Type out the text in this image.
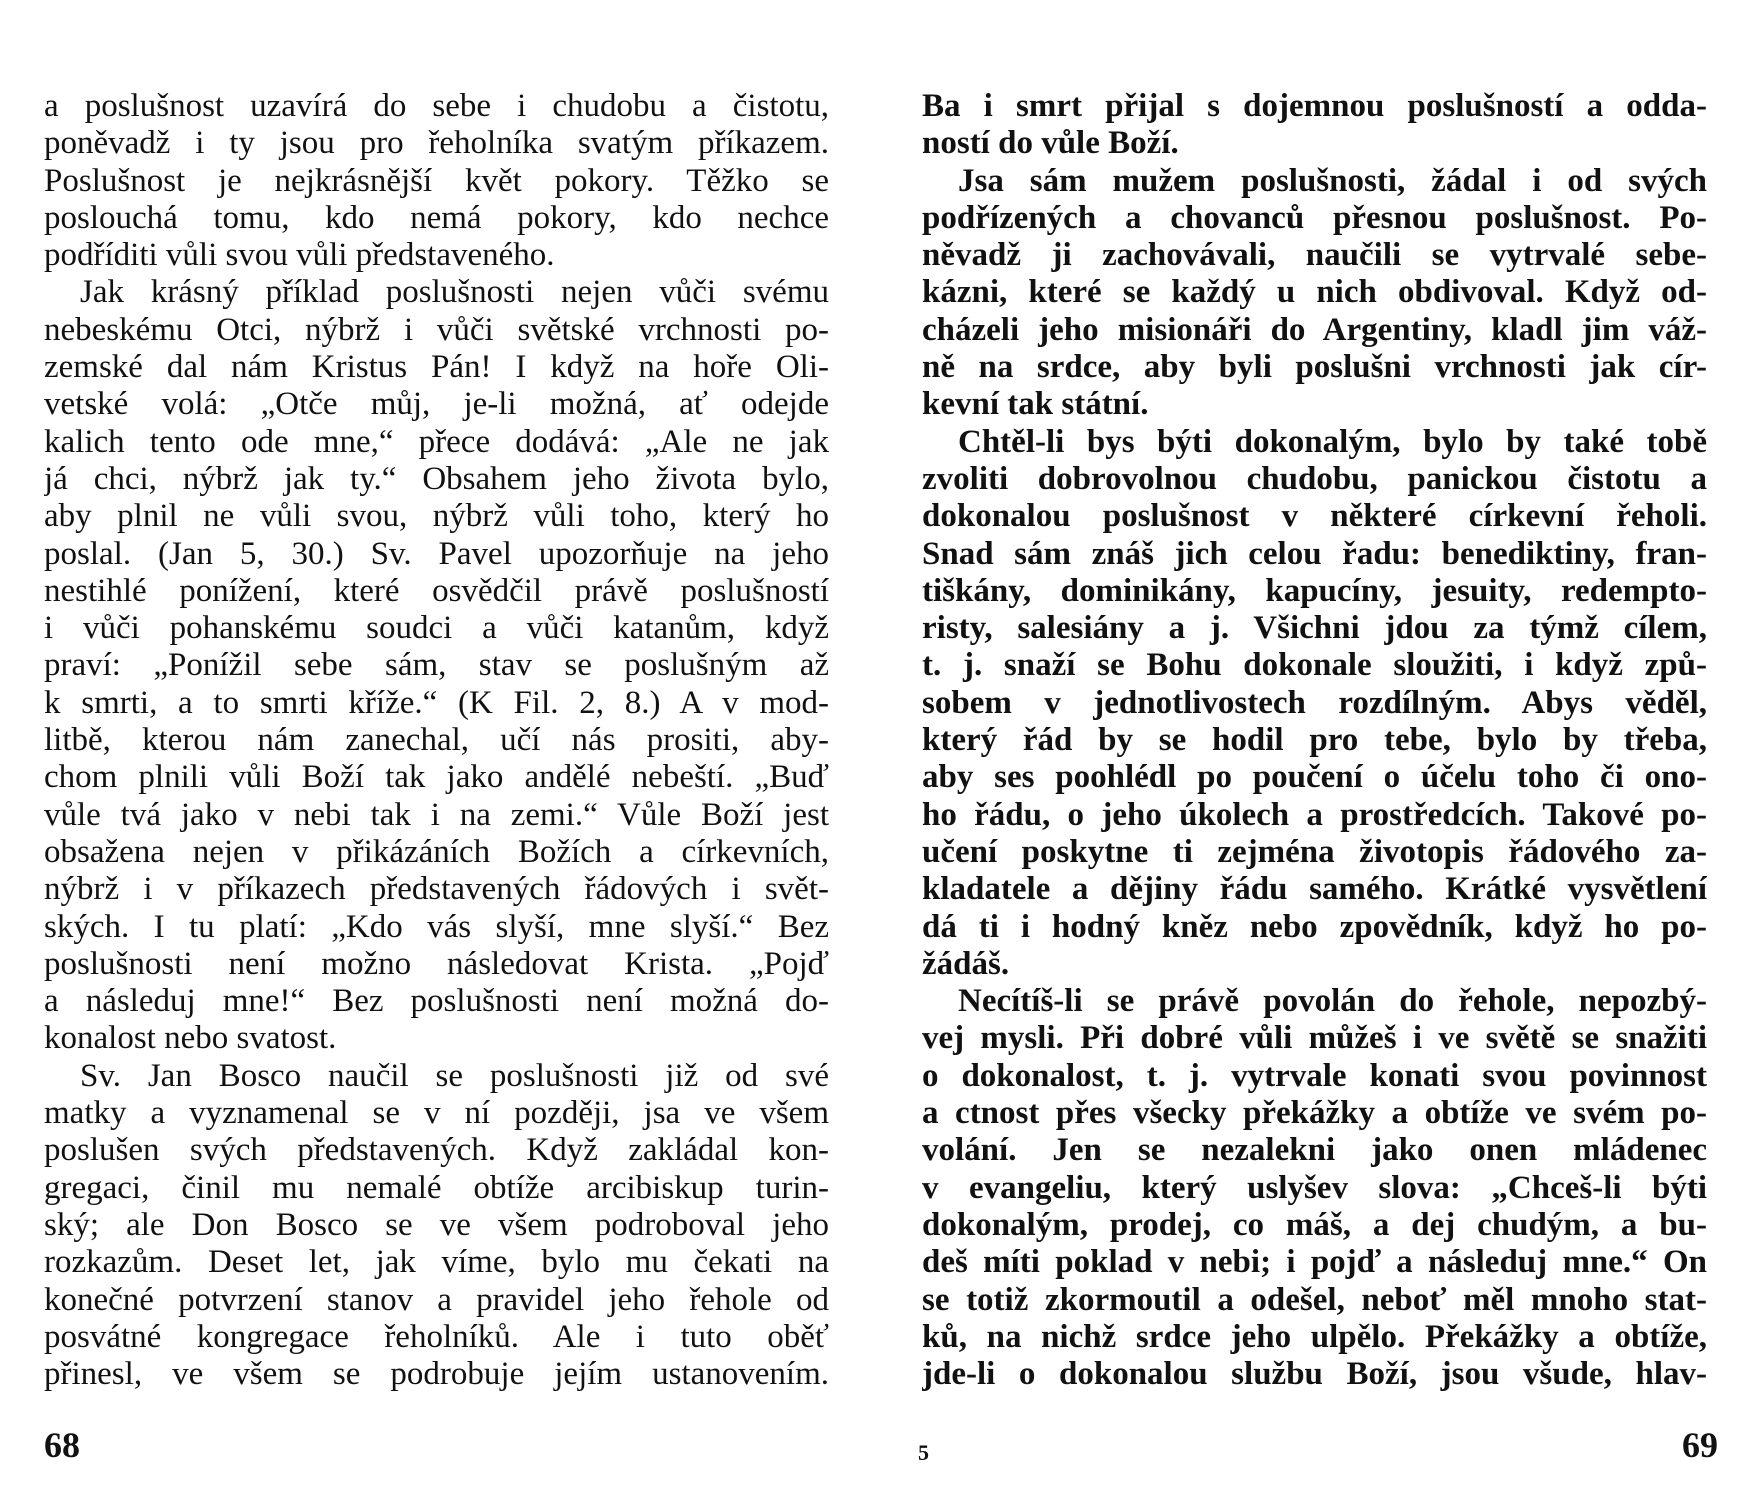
a poslušnost uzavírá do sebe i chudobu a čistotu,
poněvadž i ty jsou pro řeholníka svatým příkazem.
Poslušnost je nejkrásnější květ pokory. Těžko se
poslouchá tomu, kdo nemá pokory, kdo nechce
podříditi vůli svou vůli představeného.
Jak krásný příklad poslušnosti nejen vůči svému
nebeskému Otci, nýbrž i vůči světské vrchnosti po-
zemské dal nám Kristus Pán! I když na hoře Oli-
vetské volá: „Otče můj, je-li možná, ať odejde
kalich tento ode mne,“ přece dodává: „Ale ne jak
já chci, nýbrž jak ty.“ Obsahem jeho života bylo,
aby plnil ne vůli svou, nýbrž vůli toho, který ho
poslal. (Jan 5, 30.) Sv. Pavel upozorňuje na jeho
nestihlé ponížení, které osvědčil právě poslušností
i vůči pohanskému soudci a vůči katanům, když
praví: „Ponížil sebe sám, stav se poslušným až
k smrti, a to smrti kříže.“ (K Fil. 2, 8.) A v mod-
litbě, kterou nám zanechal, učí nás prositi, aby-
chom plnili vůli Boží tak jako andělé nebeští. „Buď
vůle tvá jako v nebi tak i na zemi.“ Vůle Boží jest
obsažena nejen v přikázáních Božích a církevních,
nýbrž i v příkazech představených řádových i svět-
ských. I tu platí: „Kdo vás slyší, mne slyší.“ Bez
poslušnosti není možno následovat Krista. „Pojď
a následuj mne!“ Bez poslušnosti není možná do-
konalost nebo svatost.
Sv. Jan Bosco naučil se poslušnosti již od své
matky a vyznamenal se v ní později, jsa ve všem
poslušen svých představených. Když zakládal kon-
gregaci, činil mu nemalé obtíže arcibiskup turin-
ský; ale Don Bosco se ve všem podroboval jeho
rozkazům. Deset let, jak víme, bylo mu čekati na
konečné potvrzení stanov a pravidel jeho řehole od
posvátné kongregace řeholníků. Ale i tuto oběť
přinesl, ve všem se podrobuje jejím ustanovením.
68
Ba i smrt přijal s dojemnou poslušností a odda-
ností do vůle Boží.
Jsa sám mužem poslušnosti, žádal i od svých
podřízených a chovanců přesnou poslušnost. Po-
něvadž ji zachovávali, naučili se vytrvalé sebe-
kázni, které se každý u nich obdivoval. Když od-
cházeli jeho misionáři do Argentiny, kladl jim váž-
ně na srdce, aby byli poslušni vrchnosti jak cír-
kevní tak státní.
Chtěl-li bys býti dokonalým, bylo by také tobě
zvoliti dobrovolnou chudobu, panickou čistotu a
dokonalou poslušnost v některé církevní řeholi.
Snad sám znáš jich celou řadu: benediktiny, fran-
tiškány, dominikány, kapucíny, jesuity, redempto-
risty, salesiány a j. Všichni jdou za týmž cílem,
t. j. snaží se Bohu dokonale sloužiti, i když způ-
sobem v jednotlivostech rozdílným. Abys věděl,
který řád by se hodil pro tebe, bylo by třeba,
aby ses poohlédl po poučení o účelu toho či ono-
ho řádu, o jeho úkolech a prostředcích. Takové po-
učení poskytne ti zejména životopis řádového za-
kladatele a dějiny řádu samého. Krátké vysvětlení
dá ti i hodný kněz nebo zpovědník, když ho po-
žádáš.
Necítíš-li se právě povolán do řehole, nepozbý-
vej mysli. Při dobré vůli můžeš i ve světě se snažiti
o dokonalost, t. j. vytrvale konati svou povinnost
a ctnost přes všecky překážky a obtíže ve svém po-
volání. Jen se nezalekni jako onen mládenec
v evangeliu, který uslyšev slova: „Chceš-li býti
dokonalým, prodej, co máš, a dej chudým, a bu-
deš míti poklad v nebi; i pojď a následuj mne.“ On
se totiž zkormoutil a odešel, neboť měl mnoho stat-
ků, na nichž srdce jeho ulpělo. Překážky a obtíže,
jde-li o dokonalou službu Boží, jsou všude, hlav-
5	69
